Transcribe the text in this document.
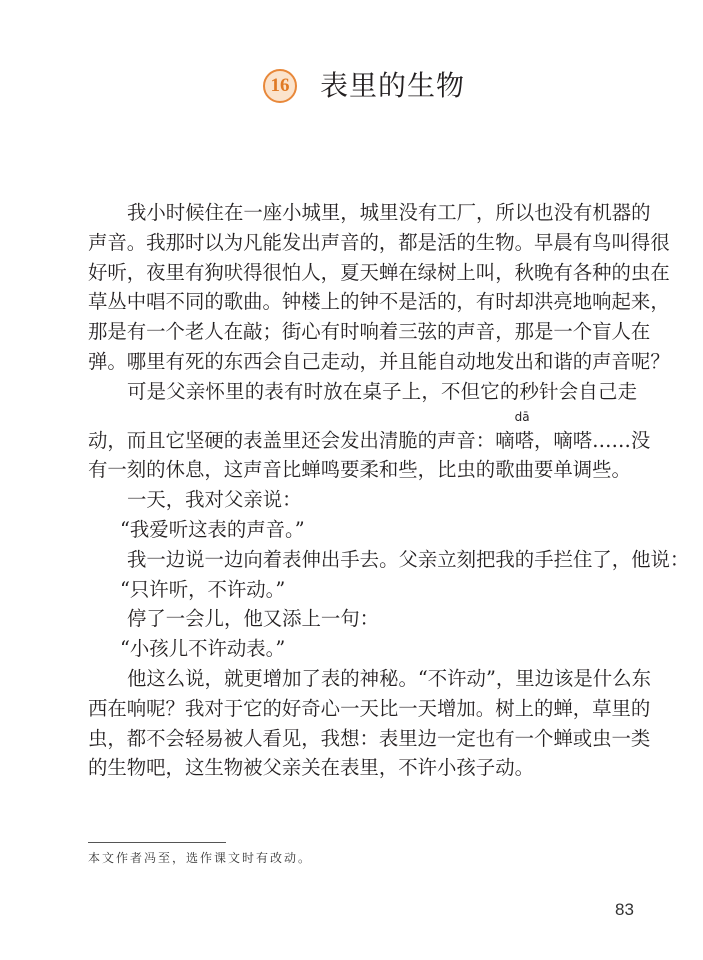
16 表里的生物
我小时候住在一座小城里，城里没有工厂，所以也没有机器的
声音。我那时以为凡能发出声音的，都是活的生物。早晨有鸟叫得很
好听，夜里有狗吠得很怕人，夏天蝉在绿树上叫，秋晚有各种的虫在
草丛中唱不同的歌曲。钟楼上的钟不是活的，有时却洪亮地响起来，
那是有一个老人在敲；街心有时响着三弦的声音，那是一个盲人在
弹。哪里有死的东西会自己走动，并且能自动地发出和谐的声音呢？
可是父亲怀里的表有时放在桌子上，不但它的秒针会自己走
动，而且它坚硬的表盖里还会发出清脆的声音：嘀
dā
嗒，嘀嗒……没
有一刻的休息，这声音比蝉鸣要柔和些，比虫的歌曲要单调些。
一天，我对父亲说：
“我爱听这表的声音。”
我一边说一边向着表伸出手去。父亲立刻把我的手拦住了，他说：
“只许听，不许动。”
停了一会儿，他又添上一句：
“小孩儿不许动表。”
他这么说，就更增加了表的神秘。“不许动”，里边该是什么东
西在响呢？我对于它的好奇心一天比一天增加。树上的蝉，草里的
虫，都不会轻易被人看见，我想：表里边一定也有一个蝉或虫一类
的生物吧，这生物被父亲关在表里，不许小孩子动。
本文作者冯至，选作课文时有改动。
83
